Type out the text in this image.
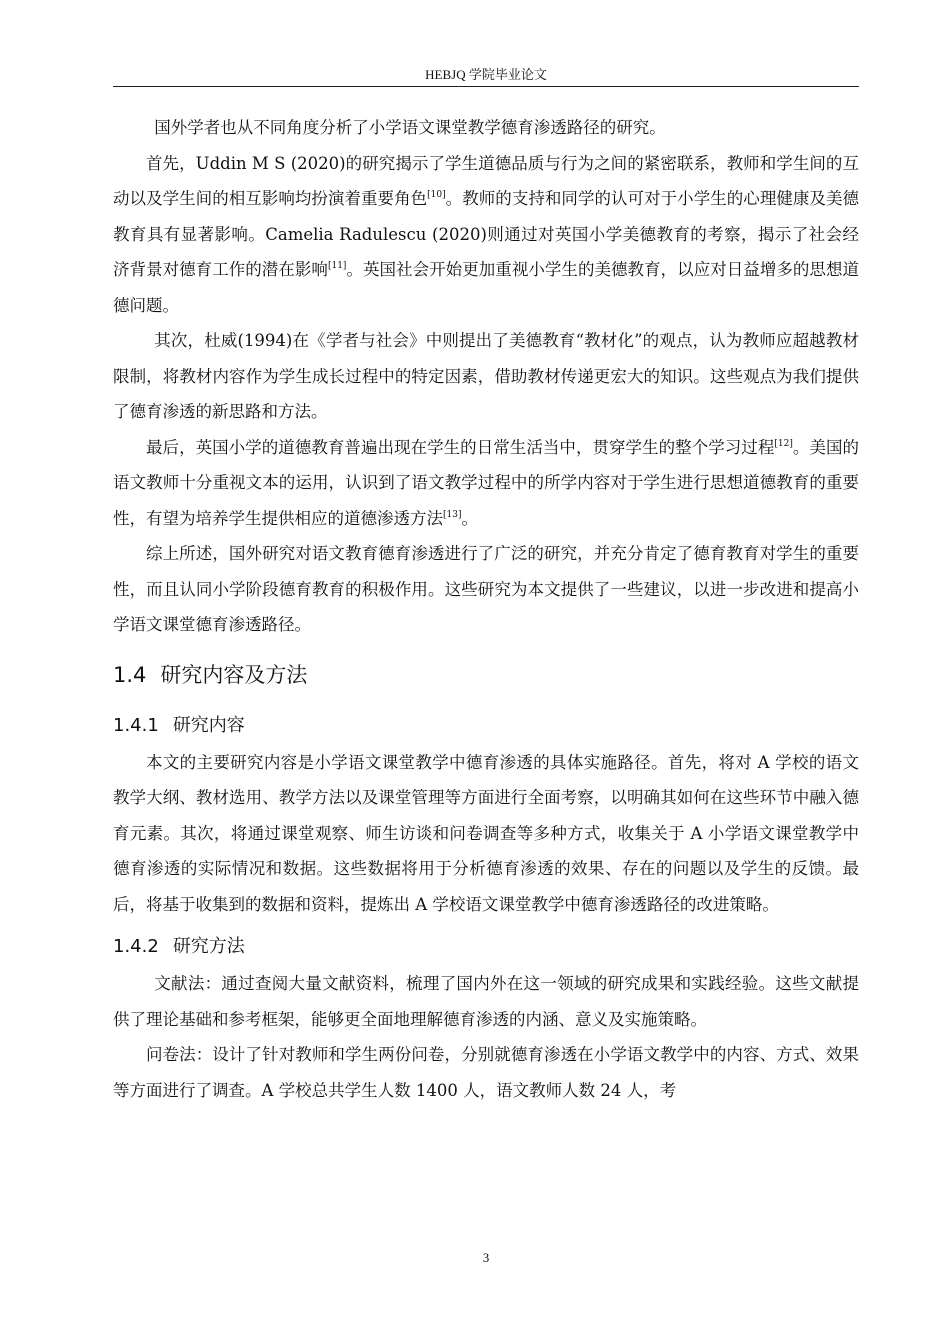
HEBJQ 学院毕业论文

国外学者也从不同角度分析了小学语文课堂教学德育渗透路径的研究。

首先，Uddin M S (2020)的研究揭示了学生道德品质与行为之间的紧密联系，教师和学生间的互动以及学生间的相互影响均扮演着重要角色[10]。教师的支持和同学的认可对于小学生的心理健康及美德教育具有显著影响。Camelia Radulescu (2020)则通过对英国小学美德教育的考察，揭示了社会经济背景对德育工作的潜在影响[11]。英国社会开始更加重视小学生的美德教育，以应对日益增多的思想道德问题。

其次，杜威(1994)在《学者与社会》中则提出了美德教育“教材化”的观点，认为教师应超越教材限制，将教材内容作为学生成长过程中的特定因素，借助教材传递更宏大的知识。这些观点为我们提供了德育渗透的新思路和方法。

最后，英国小学的道德教育普遍出现在学生的日常生活当中，贯穿学生的整个学习过程[12]。美国的语文教师十分重视文本的运用，认识到了语文教学过程中的所学内容对于学生进行思想道德教育的重要性，有望为培养学生提供相应的道德渗透方法[13]。

综上所述，国外研究对语文教育德育渗透进行了广泛的研究，并充分肯定了德育教育对学生的重要性，而且认同小学阶段德育教育的积极作用。这些研究为本文提供了一些建议，以进一步改进和提高小学语文课堂德育渗透路径。

1.4 研究内容及方法
1.4.1 研究内容

本文的主要研究内容是小学语文课堂教学中德育渗透的具体实施路径。首先，将对 A 学校的语文教学大纲、教材选用、教学方法以及课堂管理等方面进行全面考察，以明确其如何在这些环节中融入德育元素。其次，将通过课堂观察、师生访谈和问卷调查等多种方式，收集关于 A 小学语文课堂教学中德育渗透的实际情况和数据。这些数据将用于分析德育渗透的效果、存在的问题以及学生的反馈。最后，将基于收集到的数据和资料，提炼出 A 学校语文课堂教学中德育渗透路径的改进策略。

1.4.2 研究方法

文献法：通过查阅大量文献资料，梳理了国内外在这一领域的研究成果和实践经验。这些文献提供了理论基础和参考框架，能够更全面地理解德育渗透的内涵、意义及实施策略。

问卷法：设计了针对教师和学生两份问卷，分别就德育渗透在小学语文教学中的内容、方式、效果等方面进行了调查。A 学校总共学生人数 1400 人，语文教师人数 24 人，考

3
